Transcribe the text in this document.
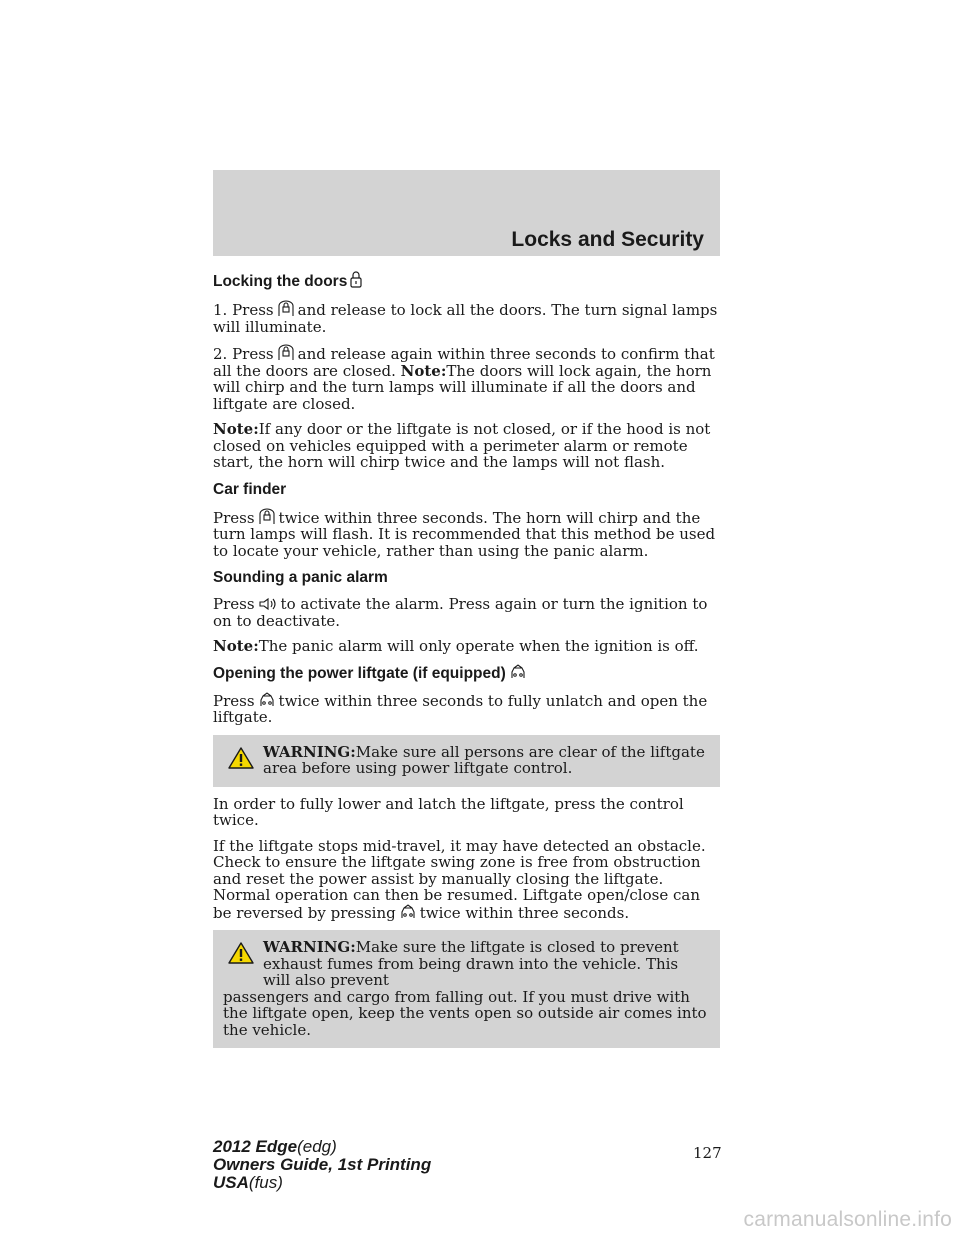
Locks and Security
Locking the doors

1. Press and release to lock all the doors. The turn signal lamps will illuminate.

2. Press and release again within three seconds to confirm that all the doors are closed. Note:The doors will lock again, the horn will chirp and the turn lamps will illuminate if all the doors and liftgate are closed.

Note:If any door or the liftgate is not closed, or if the hood is not closed on vehicles equipped with a perimeter alarm or remote start, the horn will chirp twice and the lamps will not flash.

Car finder

Press twice within three seconds. The horn will chirp and the turn lamps will flash. It is recommended that this method be used to locate your vehicle, rather than using the panic alarm.

Sounding a panic alarm

Press to activate the alarm. Press again or turn the ignition to on to deactivate.

Note:The panic alarm will only operate when the ignition is off.

Opening the power liftgate (if equipped)

Press twice within three seconds to fully unlatch and open the liftgate.

WARNING:Make sure all persons are clear of the liftgate area before using power liftgate control.

In order to fully lower and latch the liftgate, press the control twice.

If the liftgate stops mid-travel, it may have detected an obstacle. Check to ensure the liftgate swing zone is free from obstruction and reset the power assist by manually closing the liftgate. Normal operation can then be resumed. Liftgate open/close can be reversed by pressing twice within three seconds.

WARNING:Make sure the liftgate is closed to prevent exhaust fumes from being drawn into the vehicle. This will also prevent
passengers and cargo from falling out. If you must drive with the liftgate open, keep the vents open so outside air comes into the vehicle.
127
2012 Edge(edg)
Owners Guide, 1st Printing
USA(fus)
carmanualsonline.info
